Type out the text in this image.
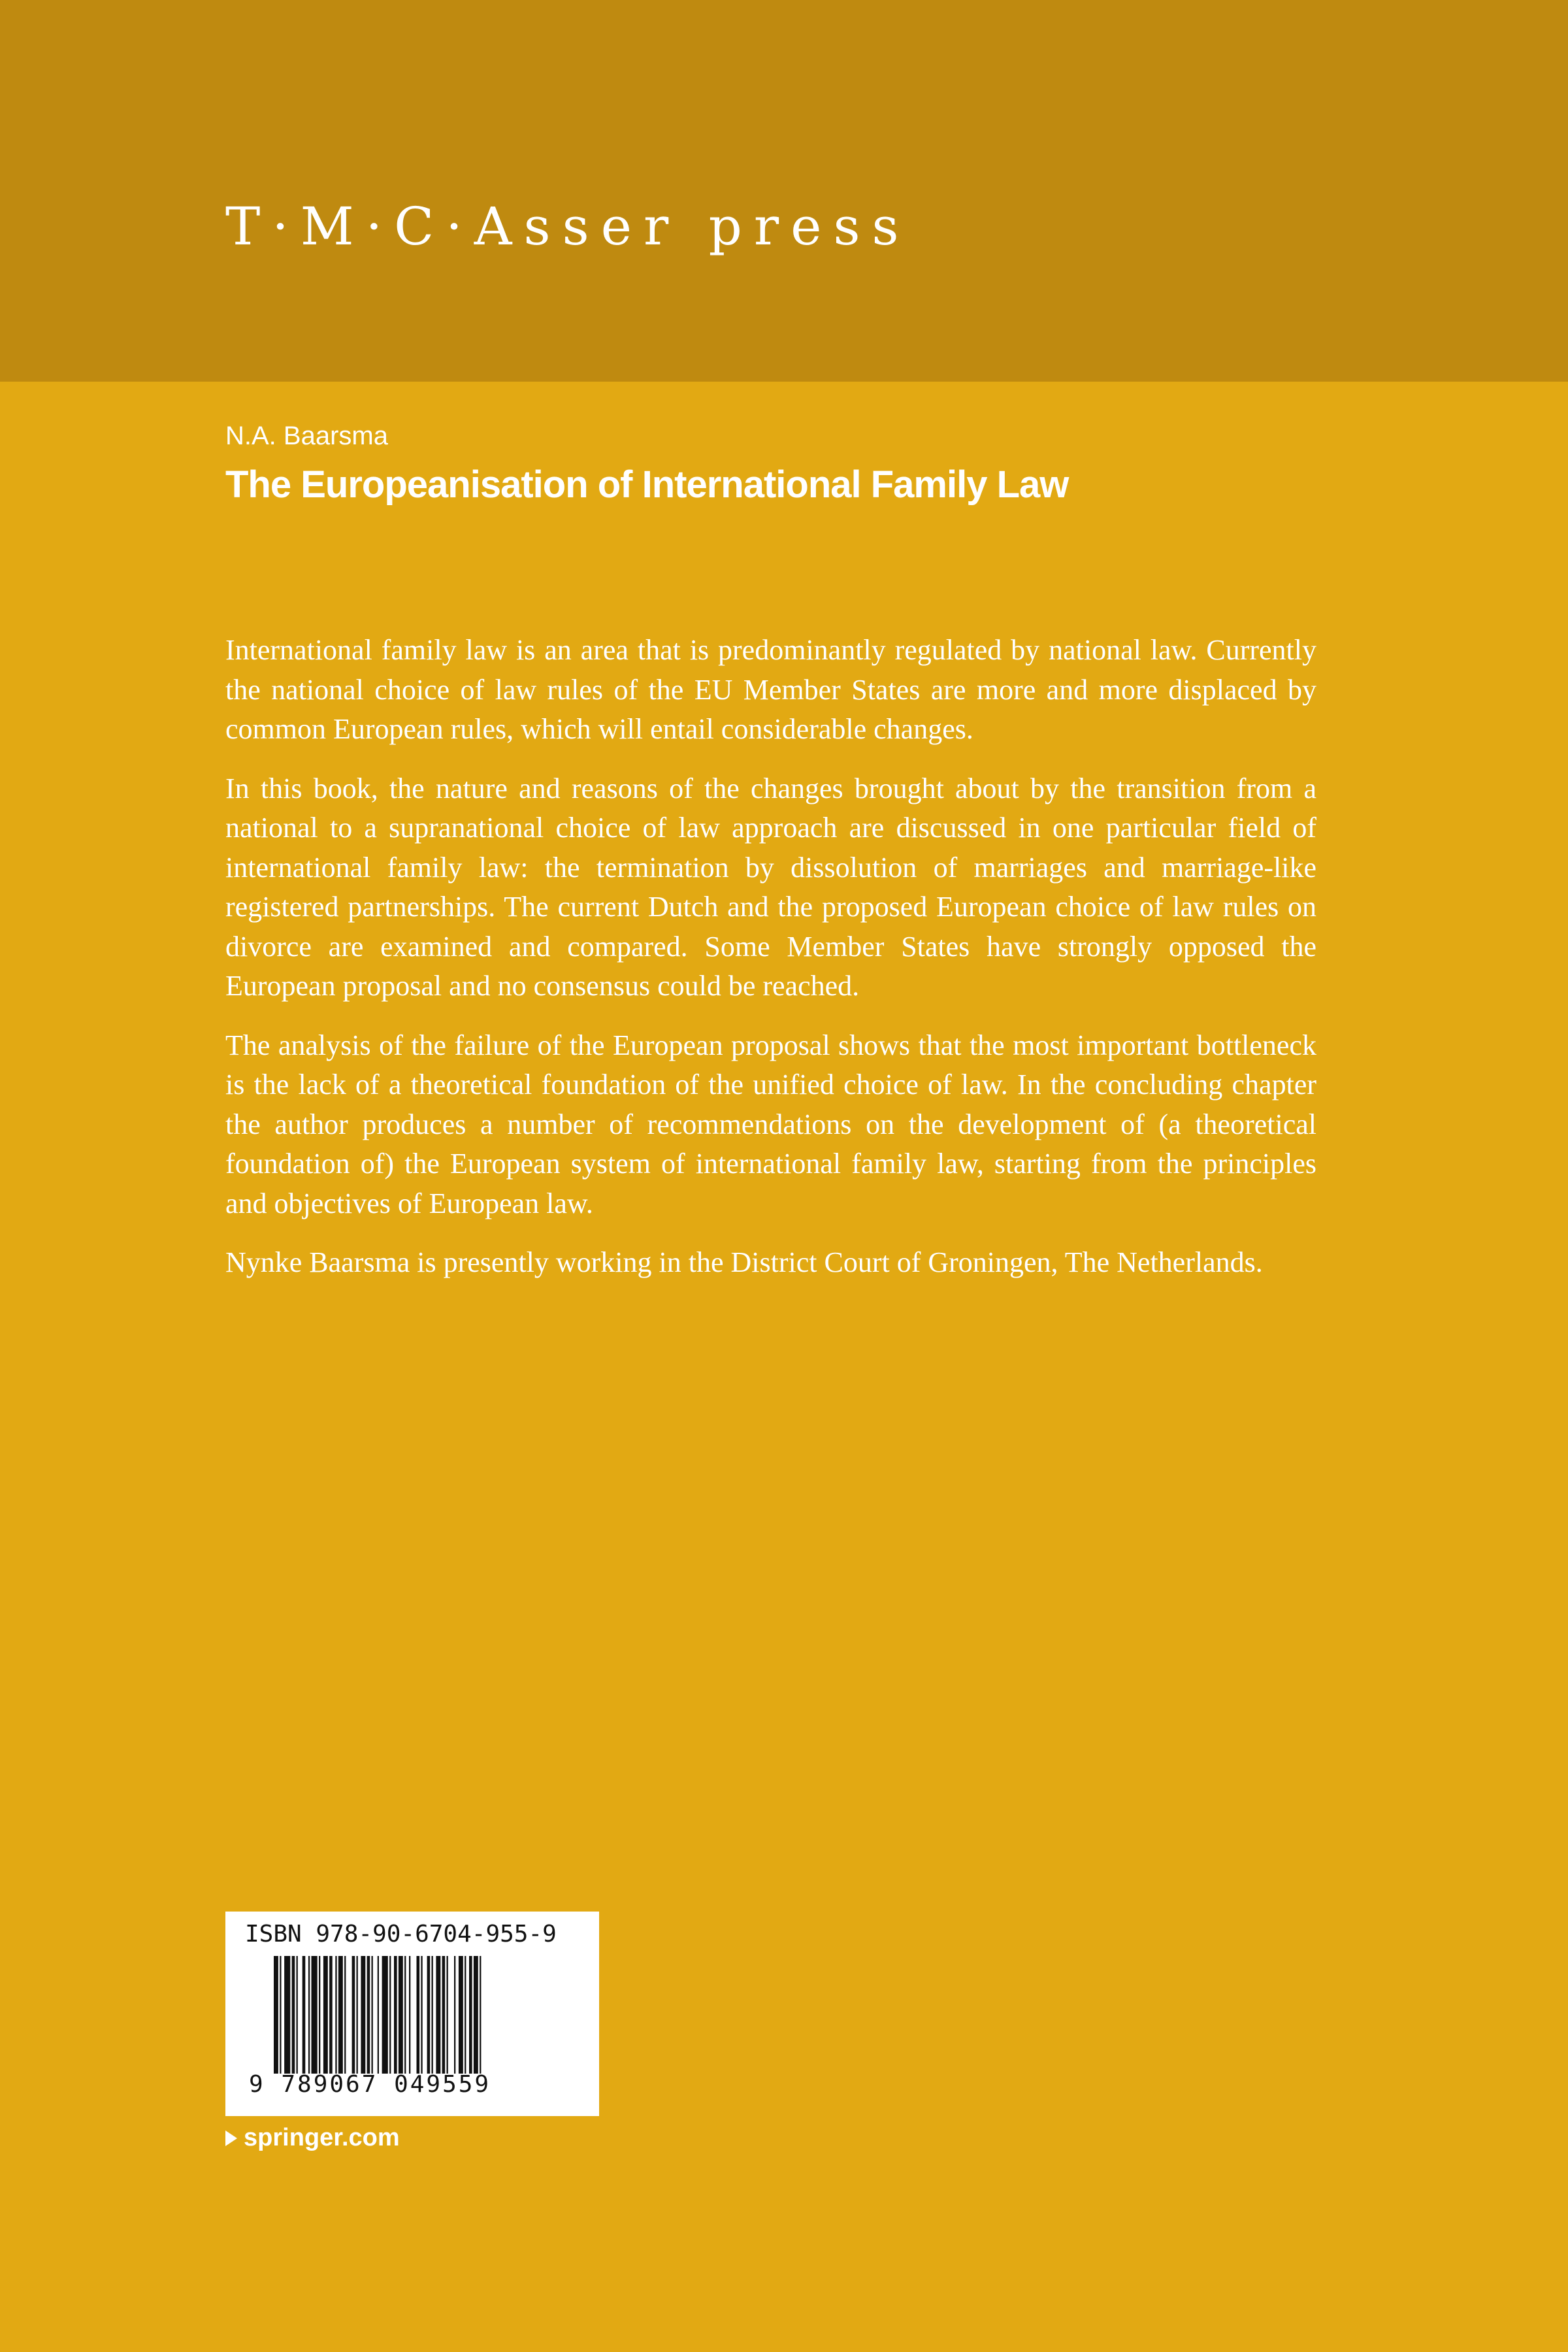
T·M·C·Asser press
N.A. Baarsma
The Europeanisation of International Family Law

International family law is an area that is predominantly regulated by national law. Currently the national choice of law rules of the EU Member States are more and more displaced by common European rules, which will entail considerable changes.

In this book, the nature and reasons of the changes brought about by the transition from a national to a supranational choice of law approach are discussed in one particular field of international family law: the termination by dissolution of marriages and marriage-like registered partnerships. The current Dutch and the proposed European choice of law rules on divorce are examined and compared. Some Member States have strongly opposed the European proposal and no consensus could be reached.

The analysis of the failure of the European proposal shows that the most important bottleneck is the lack of a theoretical foundation of the unified choice of law. In the concluding chapter the author produces a number of recommendations on the development of (a theoretical foundation of) the European system of international family law, starting from the principles and objectives of European law.

Nynke Baarsma is presently working in the District Court of Groningen, The Netherlands.

ISBN 978-90-6704-955-9
9 789067 049559
springer.com
